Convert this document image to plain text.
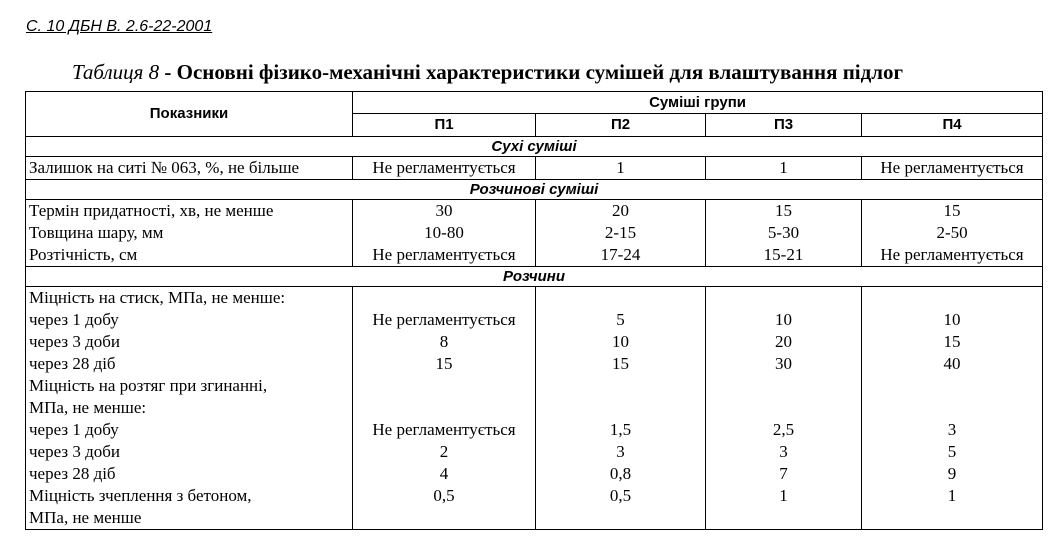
С. 10 ДБН В. 2.6-22-2001
Таблиця 8 - Основні фізико-механічні характеристики сумішей для влаштування підлог
Показники	Суміші групи			
	П1	П2	П3	П4
Сухі суміші				
Залишок на ситі № 063, %, не більше	Не регламентується	1	1	Не регламентується
Розчинові суміші				
Термін придатності, хв, не менше	30	20	15	15
Товщина шару, мм	10-80	2-15	5-30	2-50
Розтічність, см	Не регламентується	17-24	15-21	Не регламентується
Розчини				
Міцність на стиск, МПа, не менше:				
через 1 добу	Не регламентується	5	10	10
через 3 доби	8	10	20	15
через 28 діб	15	15	30	40
Міцність на розтяг при згинанні,				
МПа, не менше:				
через 1 добу	Не регламентується	1,5	2,5	3
через 3 доби	2	3	3	5
через 28 діб	4	0,8	7	9
Міцність зчеплення з бетоном,	0,5	0,5	1	1
МПа, не менше				
